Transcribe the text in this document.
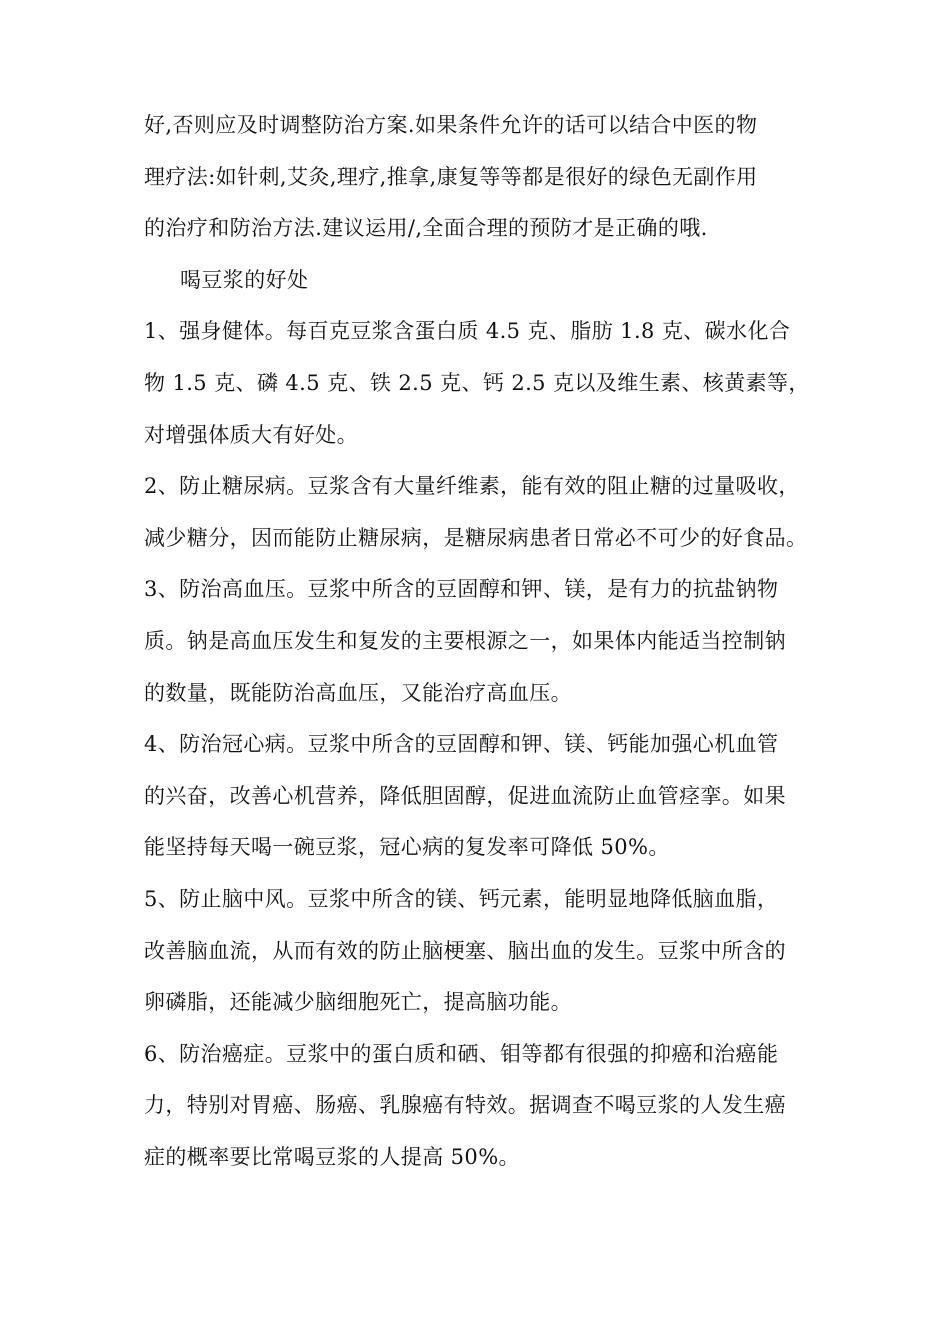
好,否则应及时调整防治方案.如果条件允许的话可以结合中医的物
理疗法:如针刺,艾灸,理疗,推拿,康复等等都是很好的绿色无副作用
的治疗和防治方法.建议运用/,全面合理的预防才是正确的哦.
喝豆浆的好处
1、强身健体。每百克豆浆含蛋白质 4.5 克、脂肪 1.8 克、碳水化合
物 1.5 克、磷 4.5 克、铁 2.5 克、钙 2.5 克以及维生素、核黄素等，
对增强体质大有好处。
2、防止糖尿病。豆浆含有大量纤维素，能有效的阻止糖的过量吸收，
减少糖分，因而能防止糖尿病，是糖尿病患者日常必不可少的好食品。
3、防治高血压。豆浆中所含的豆固醇和钾、镁，是有力的抗盐钠物
质。钠是高血压发生和复发的主要根源之一，如果体内能适当控制钠
的数量，既能防治高血压，又能治疗高血压。
4、防治冠心病。豆浆中所含的豆固醇和钾、镁、钙能加强心机血管
的兴奋，改善心机营养，降低胆固醇，促进血流防止血管痉挛。如果
能坚持每天喝一碗豆浆，冠心病的复发率可降低 50%。
5、防止脑中风。豆浆中所含的镁、钙元素，能明显地降低脑血脂，
改善脑血流，从而有效的防止脑梗塞、脑出血的发生。豆浆中所含的
卵磷脂，还能减少脑细胞死亡，提高脑功能。
6、防治癌症。豆浆中的蛋白质和硒、钼等都有很强的抑癌和治癌能
力，特别对胃癌、肠癌、乳腺癌有特效。据调查不喝豆浆的人发生癌
症的概率要比常喝豆浆的人提高 50%。
